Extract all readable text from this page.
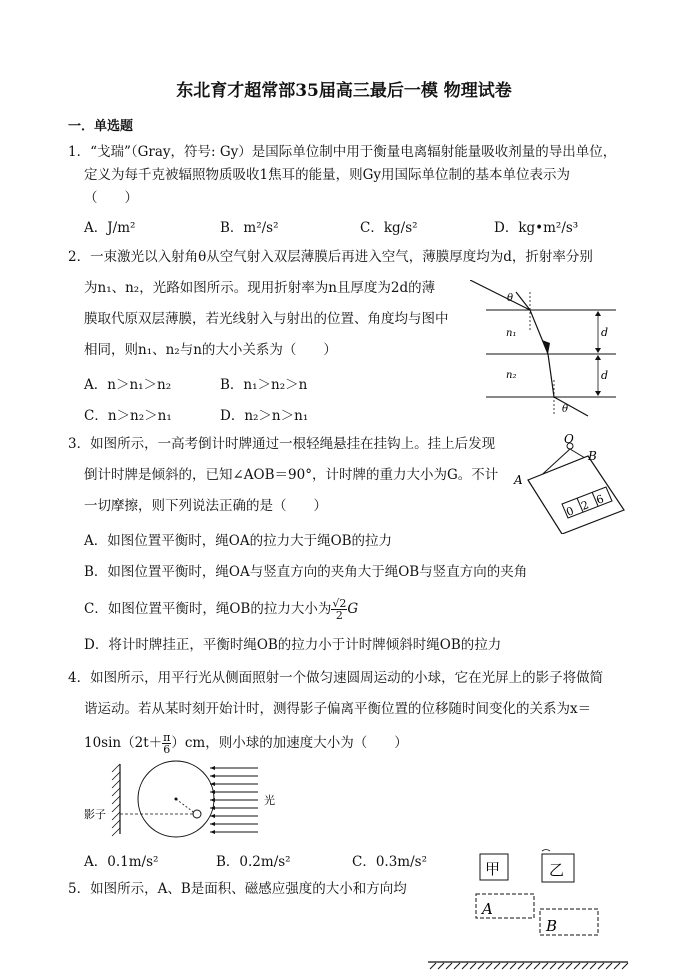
东北育才超常部35届高三最后一模 物理试卷
一．单选题
1．“戈瑞”（Gray，符号: Gy）是国际单位制中用于衡量电离辐射能量吸收剂量的导出单位，
定义为每千克被辐照物质吸收1焦耳的能量，则Gy用国际单位制的基本单位表示为
（　　）
A．J/m²	B．m²/s²	C．kg/s²	D．kg•m²/s³
2．一束激光以入射角θ从空气射入双层薄膜后再进入空气，薄膜厚度均为d，折射率分别
为n₁、n₂，光路如图所示。现用折射率为n且厚度为2d的薄
膜取代原双层薄膜，若光线射入与射出的位置、角度均与图中
相同，则n₁、n₂与n的大小关系为（　　）
A．n＞n₁＞n₂	B．n₁＞n₂＞n
C．n＞n₂＞n₁	D．n₂＞n＞n₁
θ
θ
n₁
n₂
d
d
3．如图所示，一高考倒计时牌通过一根轻绳悬挂在挂钩上。挂上后发现
倒计时牌是倾斜的，已知∠AOB＝90°，计时牌的重力大小为G。不计
一切摩擦，则下列说法正确的是（　　）
A．如图位置平衡时，绳OA的拉力大于绳OB的拉力
B．如图位置平衡时，绳OA与竖直方向的夹角大于绳OB与竖直方向的夹角
C．如图位置平衡时，绳OB的拉力大小为 $\frac{√2}{2}$ G
D．将计时牌挂正，平衡时绳OB的拉力小于计时牌倾斜时绳OB的拉力
O
A
B
0 2 6
4．如图所示，用平行光从侧面照射一个做匀速圆周运动的小球，它在光屏上的影子将做简
谐运动。若从某时刻开始计时，测得影子偏离平衡位置的位移随时间变化的关系为x＝
$10\sin(2t+ \frac{\pi}{6} )cm$，则小球的加速度大小为（　　）
影子
光
A．0.1m/s²	B．0.2m/s²	C．0.3m/s²
5．如图所示，A、B是面积、磁感应强度的大小和方向均
甲	乙
A
B
